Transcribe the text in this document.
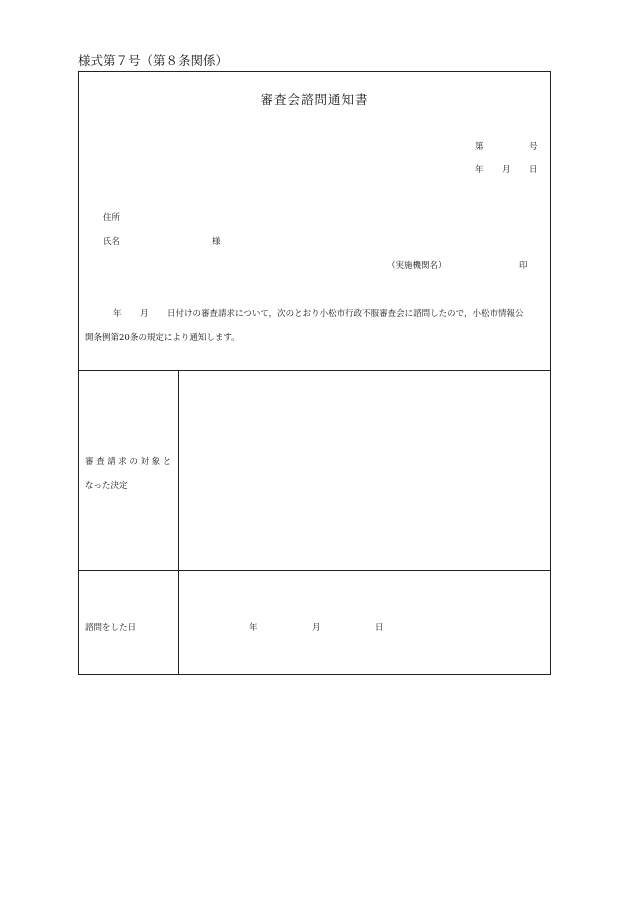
様式第７号（第８条関係）
審査会諮問通知書
第	号
年 月 日
住所
氏名	様
（実施機関名）	印
年 月 日付けの審査請求について，次のとおり小松市行政不服審査会に諮問したので，小松市情報公
開条例第20条の規定により通知します。
審査請求の対象と
なった決定
諮問をした日	年	月	日
